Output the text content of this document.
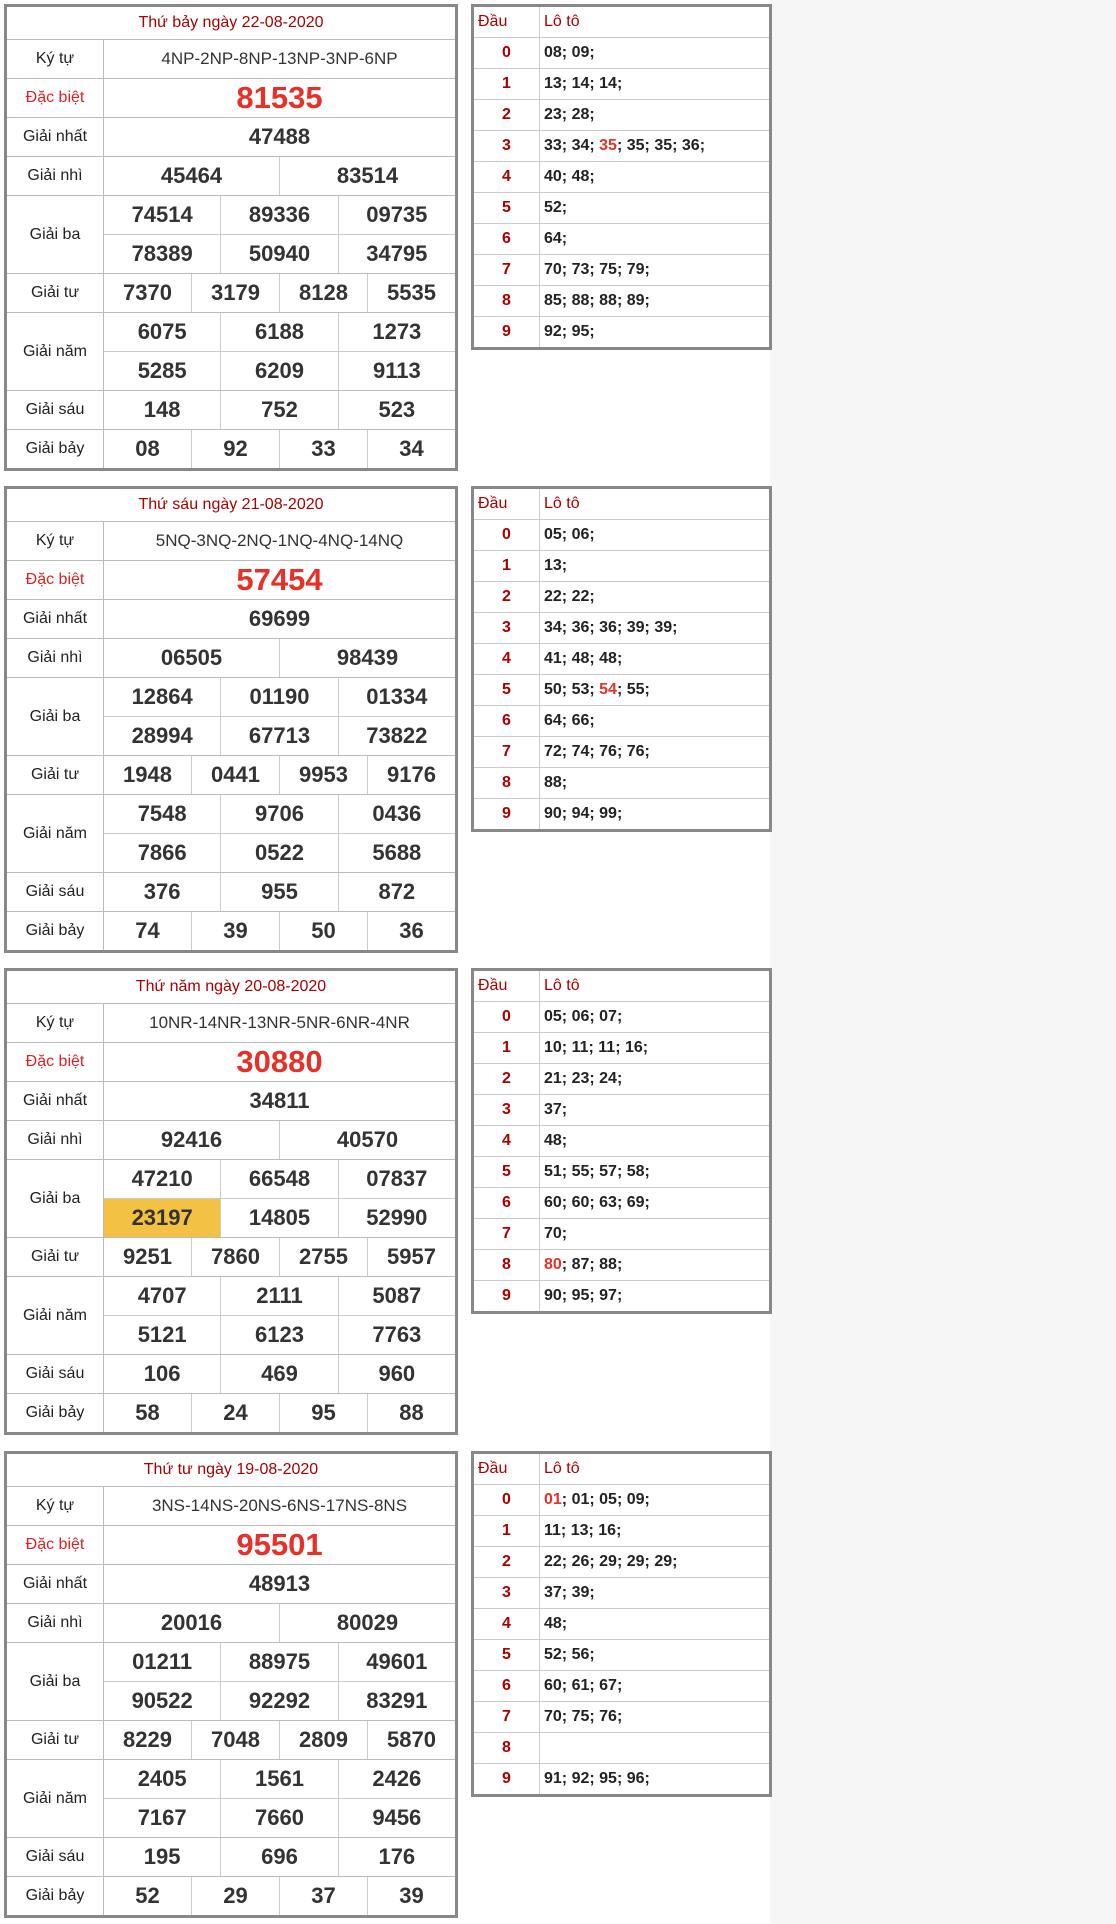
Thứ bảy ngày 22-08-2020
Ký tự	4NP-2NP-8NP-13NP-3NP-6NP
Đặc biệt	81535
Giải nhất	47488
Giải nhì	45464	83514
Giải ba
74514	89336	09735
78389	50940	34795
Giải tư	7370	3179	8128	5535
Giải năm
6075	6188	1273
5285	6209	9113
Giải sáu	148	752	523
Giải bảy	08	92	33	34
Đầu	Lô tô
0	08 ; 09 ;
1	13 ; 14 ; 14 ;
2	23 ; 28 ;
3	33 ; 34 ; 35 ; 35 ; 35 ; 36 ;
4	40 ; 48 ;
5	52 ;
6	64 ;
7	70 ; 73 ; 75 ; 79 ;
8	85 ; 88 ; 88 ; 89 ;
9	92 ; 95 ;
Thứ sáu ngày 21-08-2020
Ký tự	5NQ-3NQ-2NQ-1NQ-4NQ-14NQ
Đặc biệt	57454
Giải nhất	69699
Giải nhì	06505	98439
Giải ba
12864	01190	01334
28994	67713	73822
Giải tư	1948	0441	9953	9176
Giải năm
7548	9706	0436
7866	0522	5688
Giải sáu	376	955	872
Giải bảy	74	39	50	36
Đầu	Lô tô
0	05 ; 06 ;
1	13 ;
2	22 ; 22 ;
3	34 ; 36 ; 36 ; 39 ; 39 ;
4	41 ; 48 ; 48 ;
5	50 ; 53 ; 54 ; 55 ;
6	64 ; 66 ;
7	72 ; 74 ; 76 ; 76 ;
8	88 ;
9	90 ; 94 ; 99 ;
Thứ năm ngày 20-08-2020
Ký tự	10NR-14NR-13NR-5NR-6NR-4NR
Đặc biệt	30880
Giải nhất	34811
Giải nhì	92416	40570
Giải ba
47210	66548	07837
23197	14805	52990
Giải tư	9251	7860	2755	5957
Giải năm
4707	2111	5087
5121	6123	7763
Giải sáu	106	469	960
Giải bảy	58	24	95	88
Đầu	Lô tô
0	05 ; 06 ; 07 ;
1	10 ; 11 ; 11 ; 16 ;
2	21 ; 23 ; 24 ;
3	37 ;
4	48 ;
5	51 ; 55 ; 57 ; 58 ;
6	60 ; 60 ; 63 ; 69 ;
7	70 ;
8	80 ; 87 ; 88 ;
9	90 ; 95 ; 97 ;
Thứ tư ngày 19-08-2020
Ký tự	3NS-14NS-20NS-6NS-17NS-8NS
Đặc biệt	95501
Giải nhất	48913
Giải nhì	20016	80029
Giải ba
01211	88975	49601
90522	92292	83291
Giải tư	8229	7048	2809	5870
Giải năm
2405	1561	2426
7167	7660	9456
Giải sáu	195	696	176
Giải bảy	52	29	37	39
Đầu	Lô tô
0	01 ; 01 ; 05 ; 09 ;
1	11 ; 13 ; 16 ;
2	22 ; 26 ; 29 ; 29 ; 29 ;
3	37 ; 39 ;
4	48 ;
5	52 ; 56 ;
6	60 ; 61 ; 67 ;
7	70 ; 75 ; 76 ;
8
9	91 ; 92 ; 95 ; 96 ;
